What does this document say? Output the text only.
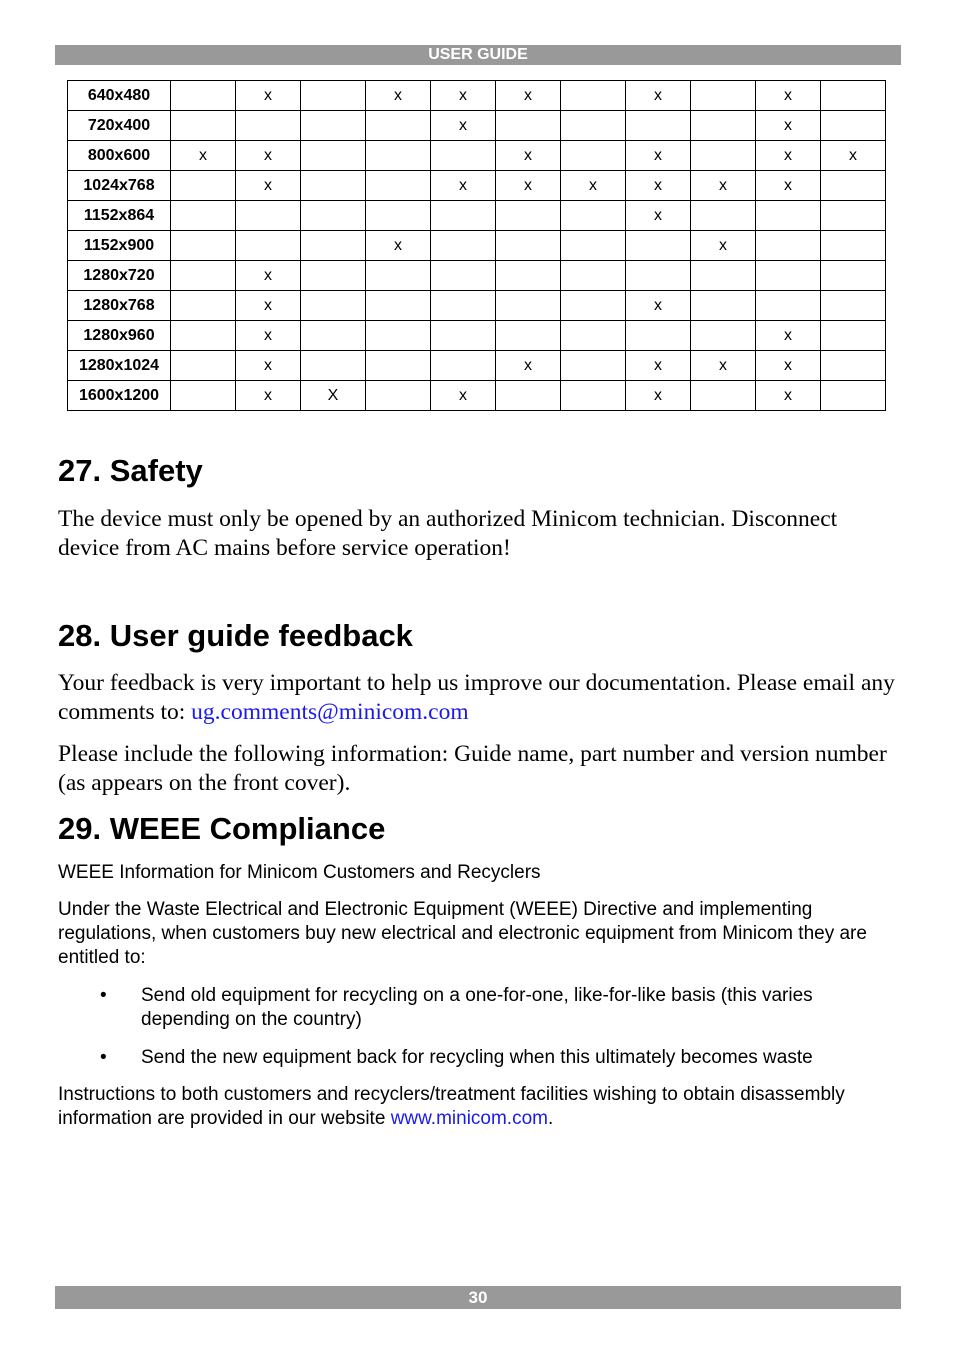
USER GUIDE
640x480		x		x	x	x		x		x	
720x400					x					x	
800x600	x	x				x		x		x	x
1024x768		x			x	x	x	x	x	x	
1152x864								x			
1152x900				x					x		
1280x720		x									
1280x768		x						x			
1280x960		x								x	
1280x1024		x				x		x	x	x	
1600x1200		x	X		x			x		x	
27. Safety

The device must only be opened by an authorized Minicom technician. Disconnect device from AC mains before service operation!

28. User guide feedback

Your feedback is very important to help us improve our documentation. Please email any comments to: ug.comments@minicom.com

Please include the following information: Guide name, part number and version number (as appears on the front cover).

29. WEEE Compliance

WEEE Information for Minicom Customers and Recyclers

Under the Waste Electrical and Electronic Equipment (WEEE) Directive and implementing regulations, when customers buy new electrical and electronic equipment from Minicom they are entitled to:

• Send old equipment for recycling on a one-for-one, like-for-like basis (this varies depending on the country)

• Send the new equipment back for recycling when this ultimately becomes waste

Instructions to both customers and recyclers/treatment facilities wishing to obtain disassembly information are provided in our website www.minicom.com.

30
